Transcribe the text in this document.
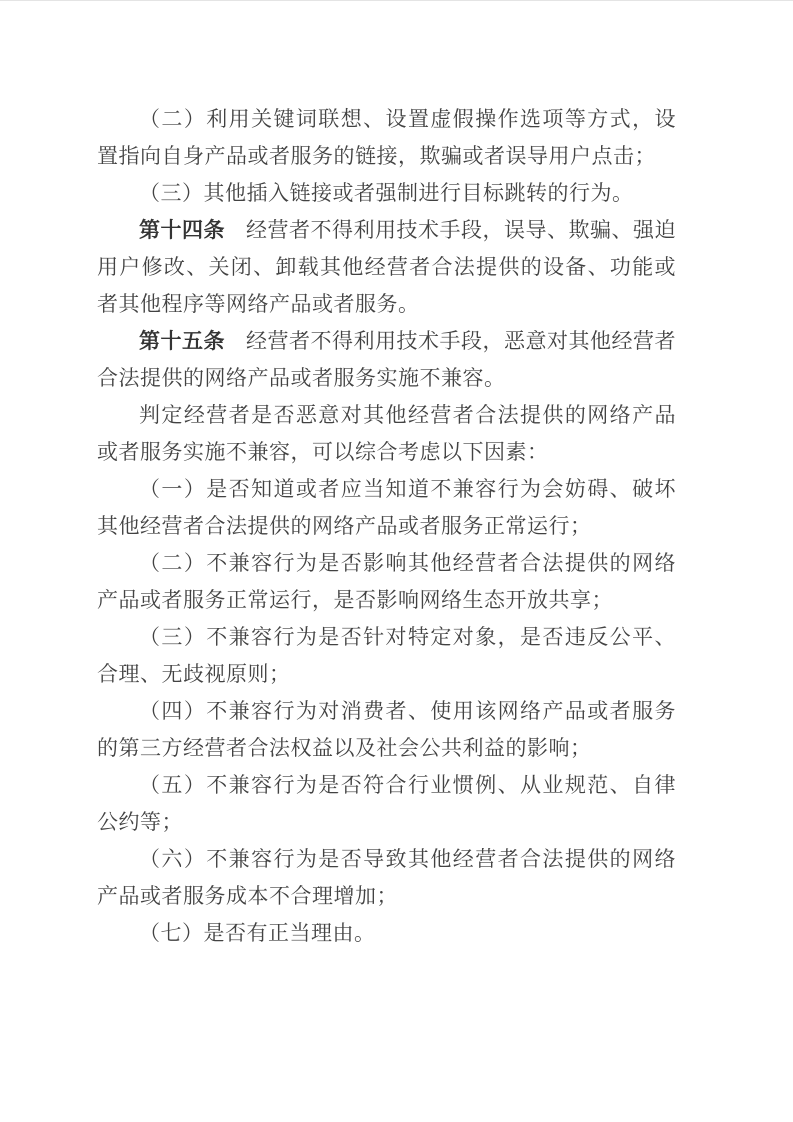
（二）利用关键词联想、设置虚假操作选项等方式，设置指向自身产品或者服务的链接，欺骗或者误导用户点击；

（三）其他插入链接或者强制进行目标跳转的行为。

第十四条 经营者不得利用技术手段，误导、欺骗、强迫用户修改、关闭、卸载其他经营者合法提供的设备、功能或者其他程序等网络产品或者服务。

第十五条 经营者不得利用技术手段，恶意对其他经营者合法提供的网络产品或者服务实施不兼容。

判定经营者是否恶意对其他经营者合法提供的网络产品或者服务实施不兼容，可以综合考虑以下因素：

（一）是否知道或者应当知道不兼容行为会妨碍、破坏其他经营者合法提供的网络产品或者服务正常运行；

（二）不兼容行为是否影响其他经营者合法提供的网络产品或者服务正常运行，是否影响网络生态开放共享；

（三）不兼容行为是否针对特定对象，是否违反公平、合理、无歧视原则；

（四）不兼容行为对消费者、使用该网络产品或者服务的第三方经营者合法权益以及社会公共利益的影响；

（五）不兼容行为是否符合行业惯例、从业规范、自律公约等；

（六）不兼容行为是否导致其他经营者合法提供的网络产品或者服务成本不合理增加；

（七）是否有正当理由。
